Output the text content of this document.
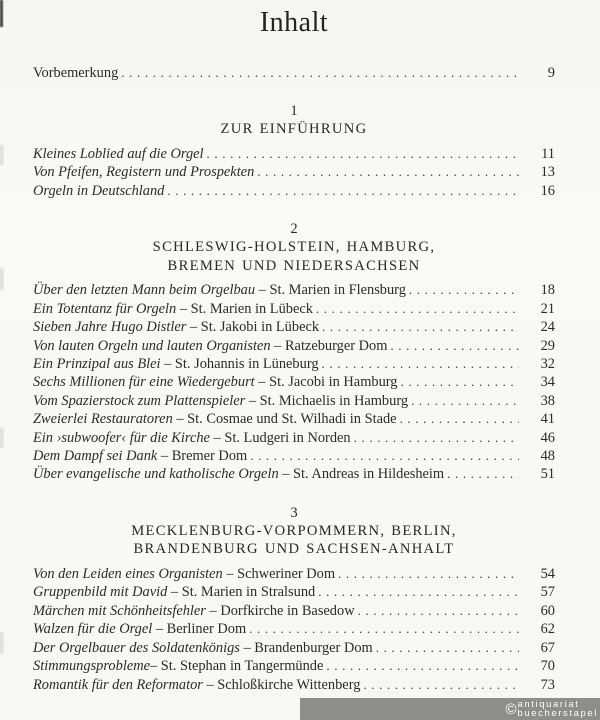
Inhalt
Vorbemerkung .....	9
1
ZUR EINFÜHRUNG
Kleines Loblied auf die Orgel .....	11
Von Pfeifen, Registern und Prospekten .....	13
Orgeln in Deutschland .....	16
2
SCHLESWIG-HOLSTEIN, HAMBURG,
BREMEN UND NIEDERSACHSEN
Über den letzten Mann beim Orgelbau – St. Marien in Flensburg .....	18
Ein Totentanz für Orgeln – St. Marien in Lübeck .....	21
Sieben Jahre Hugo Distler – St. Jakobi in Lübeck .....	24
Von lauten Orgeln und lauten Organisten – Ratzeburger Dom .....	29
Ein Prinzipal aus Blei – St. Johannis in Lüneburg .....	32
Sechs Millionen für eine Wiedergeburt – St. Jacobi in Hamburg .....	34
Vom Spazierstock zum Plattenspieler – St. Michaelis in Hamburg .....	38
Zweierlei Restauratoren – St. Cosmae und St. Wilhadi in Stade .....	41
Ein ›subwoofer‹ für die Kirche – St. Ludgeri in Norden .....	46
Dem Dampf sei Dank – Bremer Dom .....	48
Über evangelische und katholische Orgeln – St. Andreas in Hildesheim .....	51
3
MECKLENBURG-VORPOMMERN, BERLIN,
BRANDENBURG UND SACHSEN-ANHALT
Von den Leiden eines Organisten – Schweriner Dom .....	54
Gruppenbild mit David – St. Marien in Stralsund .....	57
Märchen mit Schönheitsfehler – Dorfkirche in Basedow .....	60
Walzen für die Orgel – Berliner Dom .....	62
Der Orgelbauer des Soldatenkönigs – Brandenburger Dom .....	67
Stimmungsprobleme – St. Stephan in Tangermünde .....	70
Romantik für den Reformator – Schloßkirche Wittenberg .....	73
© antiquariat
buecherstapel
